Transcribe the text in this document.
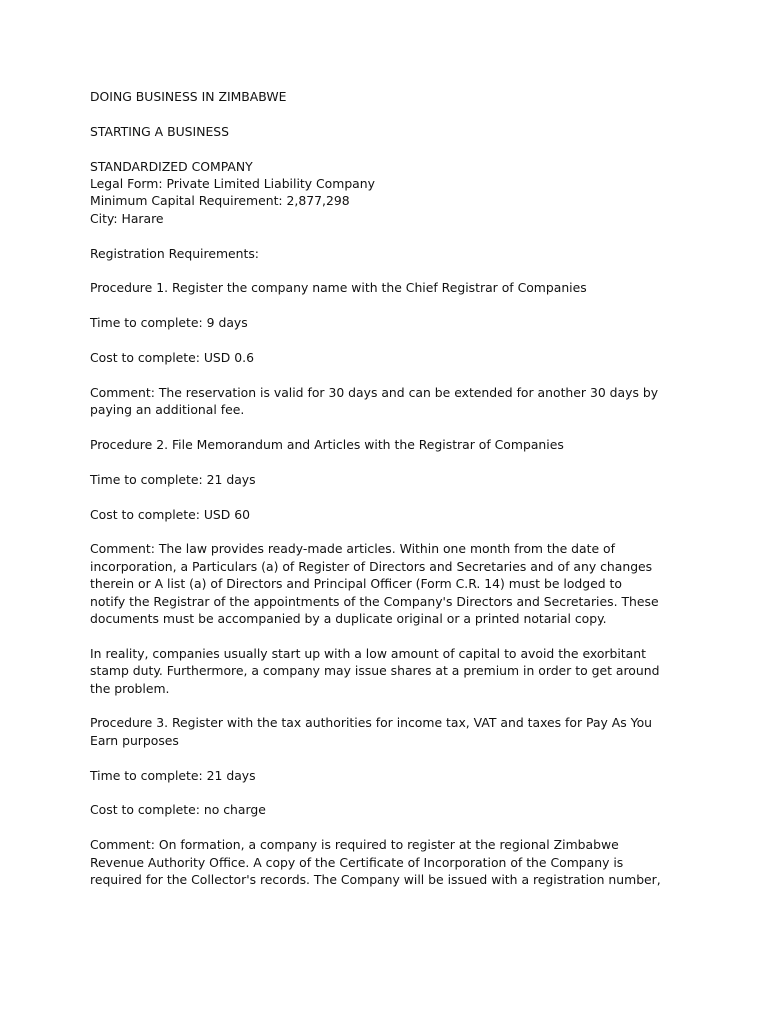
DOING BUSINESS IN ZIMBABWE
STARTING A BUSINESS
STANDARDIZED COMPANY
Legal Form: Private Limited Liability Company
Minimum Capital Requirement: 2,877,298
City: Harare
Registration Requirements:
Procedure 1. Register the company name with the Chief Registrar of Companies
Time to complete: 9 days
Cost to complete: USD 0.6
Comment: The reservation is valid for 30 days and can be extended for another 30 days by
paying an additional fee.
Procedure 2. File Memorandum and Articles with the Registrar of Companies
Time to complete: 21 days
Cost to complete: USD 60
Comment: The law provides ready-made articles. Within one month from the date of
incorporation, a Particulars (a) of Register of Directors and Secretaries and of any changes
therein or A list (a) of Directors and Principal Officer (Form C.R. 14) must be lodged to
notify the Registrar of the appointments of the Company's Directors and Secretaries. These
documents must be accompanied by a duplicate original or a printed notarial copy.
In reality, companies usually start up with a low amount of capital to avoid the exorbitant
stamp duty. Furthermore, a company may issue shares at a premium in order to get around
the problem.
Procedure 3. Register with the tax authorities for income tax, VAT and taxes for Pay As You
Earn purposes
Time to complete: 21 days
Cost to complete: no charge
Comment: On formation, a company is required to register at the regional Zimbabwe
Revenue Authority Office. A copy of the Certificate of Incorporation of the Company is
required for the Collector's records. The Company will be issued with a registration number,
